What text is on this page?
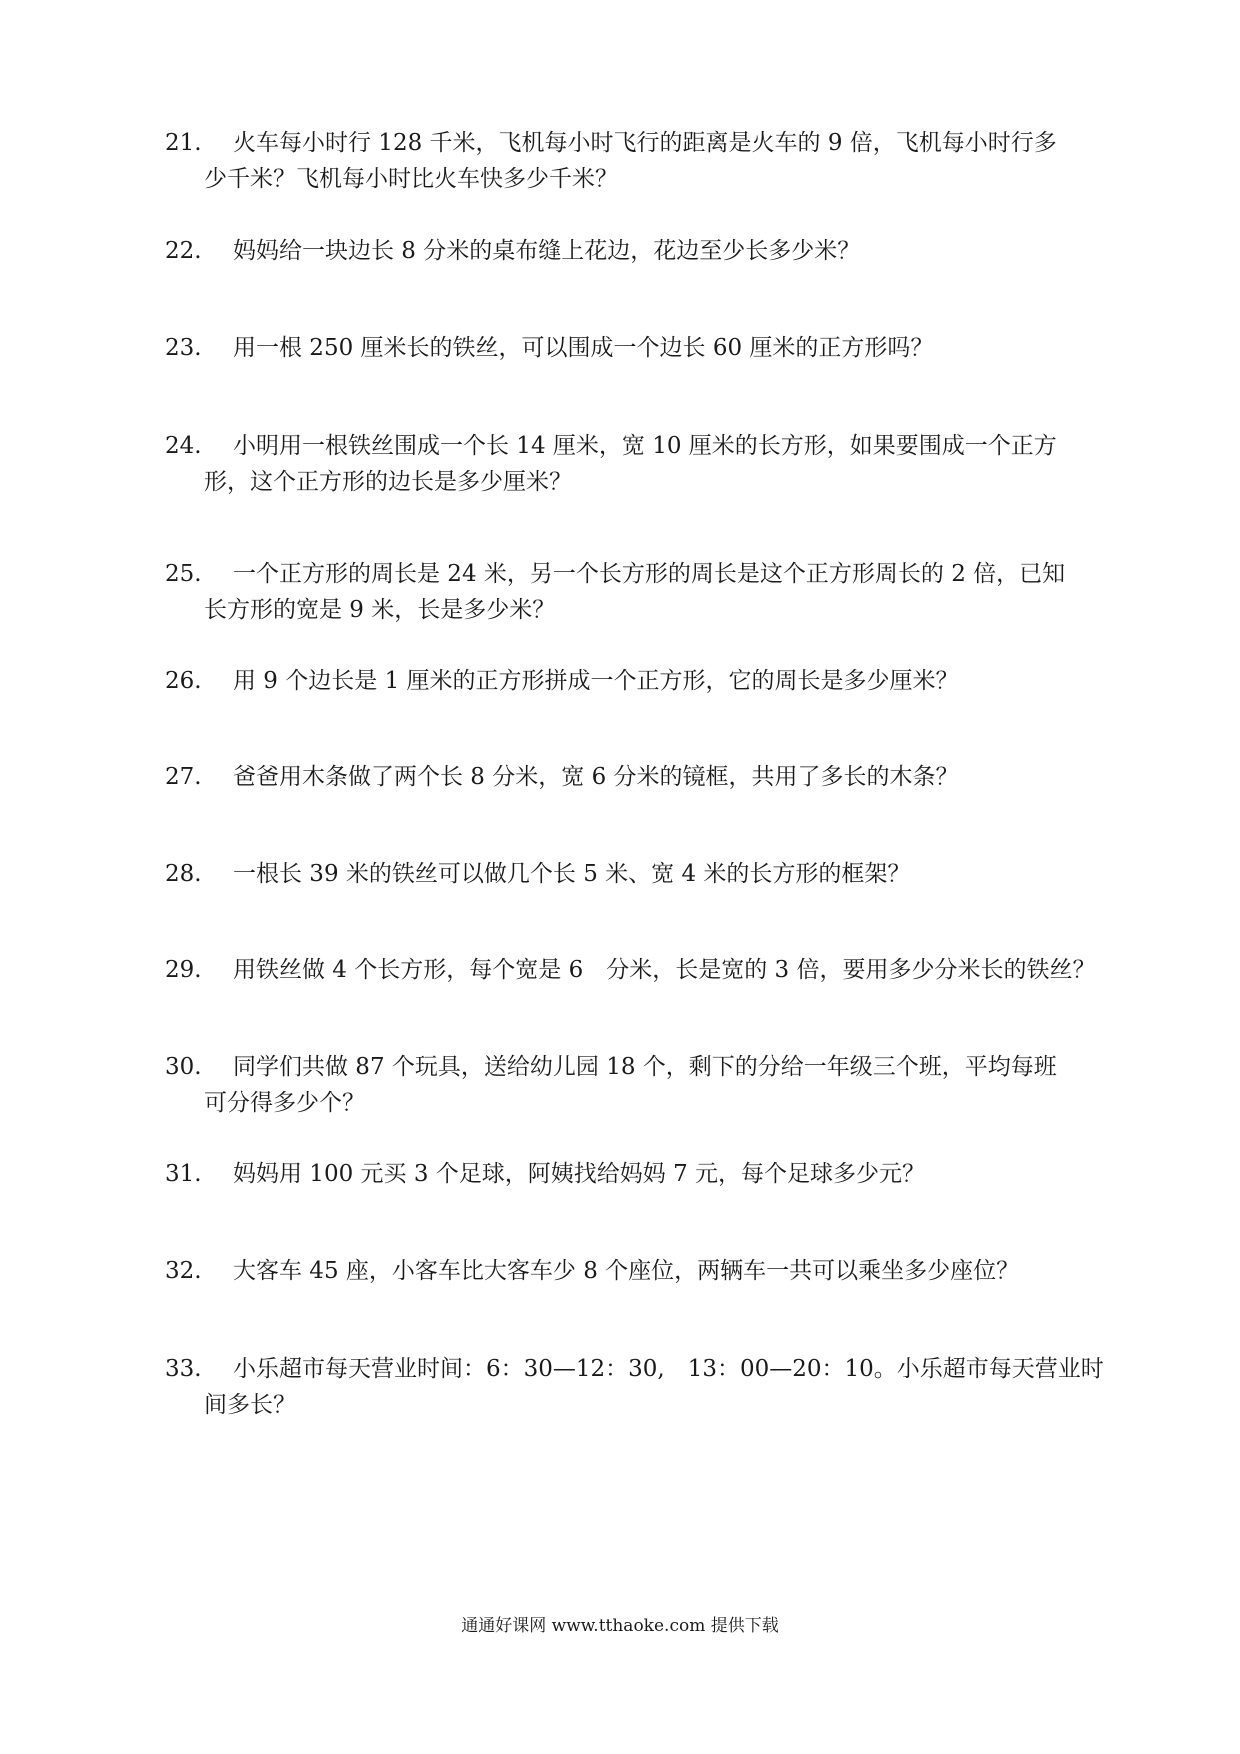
21. 火车每小时行 128 千米，飞机每小时飞行的距离是火车的 9 倍，飞机每小时行多
少千米？飞机每小时比火车快多少千米？
22. 妈妈给一块边长 8 分米的桌布缝上花边，花边至少长多少米？
23. 用一根 250 厘米长的铁丝，可以围成一个边长 60 厘米的正方形吗？
24. 小明用一根铁丝围成一个长 14 厘米，宽 10 厘米的长方形，如果要围成一个正方
形，这个正方形的边长是多少厘米？
25. 一个正方形的周长是 24 米，另一个长方形的周长是这个正方形周长的 2 倍，已知
长方形的宽是 9 米，长是多少米？
26. 用 9 个边长是 1 厘米的正方形拼成一个正方形，它的周长是多少厘米？
27. 爸爸用木条做了两个长 8 分米，宽 6 分米的镜框，共用了多长的木条？
28. 一根长 39 米的铁丝可以做几个长 5 米、宽 4 米的长方形的框架？
29. 用铁丝做 4 个长方形，每个宽是 6　分米，长是宽的 3 倍，要用多少分米长的铁丝？
30. 同学们共做 87 个玩具，送给幼儿园 18 个，剩下的分给一年级三个班，平均每班
可分得多少个？
31. 妈妈用 100 元买 3 个足球，阿姨找给妈妈 7 元，每个足球多少元？
32. 大客车 45 座，小客车比大客车少 8 个座位，两辆车一共可以乘坐多少座位？
33. 小乐超市每天营业时间：6：30—12：30,　13：00—20：10。小乐超市每天营业时
间多长？
通通好课网 www.tthaoke.com 提供下载
